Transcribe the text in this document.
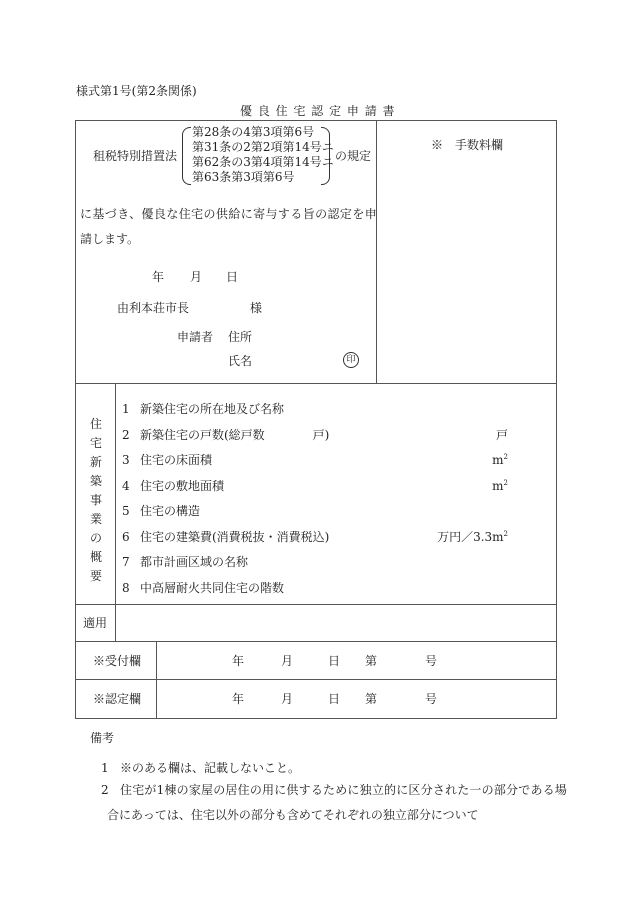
様式第1号(第2条関係)
優 良 住 宅 認 定 申 請 書
租税特別措置法
第28条の4第3項第6号
第31条の2第2項第14号ニ
第62条の3第4項第14号ニ
第63条第3項第6号
の規定
に基づき、優良な住宅の供給に寄与する旨の認定を申
請します。
年 月 日
由利本荘市長	様
申請者 住所
氏名	印
※　手数料欄
住
宅
新
築
事
業
の
概
要
1 新築住宅の所在地及び名称
2 新築住宅の戸数(総戸数　　　　戸)	戸
3 住宅の床面積	$m^2$
4 住宅の敷地面積	$m^2$
5 住宅の構造
6 住宅の建築費(消費税抜・消費税込)	万円$/3.3m^2$
7 都市計画区域の名称
8 中高層耐火共同住宅の階数
適用
※受付欄	年	月	日 第	号
※認定欄	年	月	日 第	号
備考
1 ※のある欄は、記載しないこと。
2 住宅が1棟の家屋の居住の用に供するために独立的に区分された一の部分である場
合にあっては、住宅以外の部分も含めてそれぞれの独立部分について
